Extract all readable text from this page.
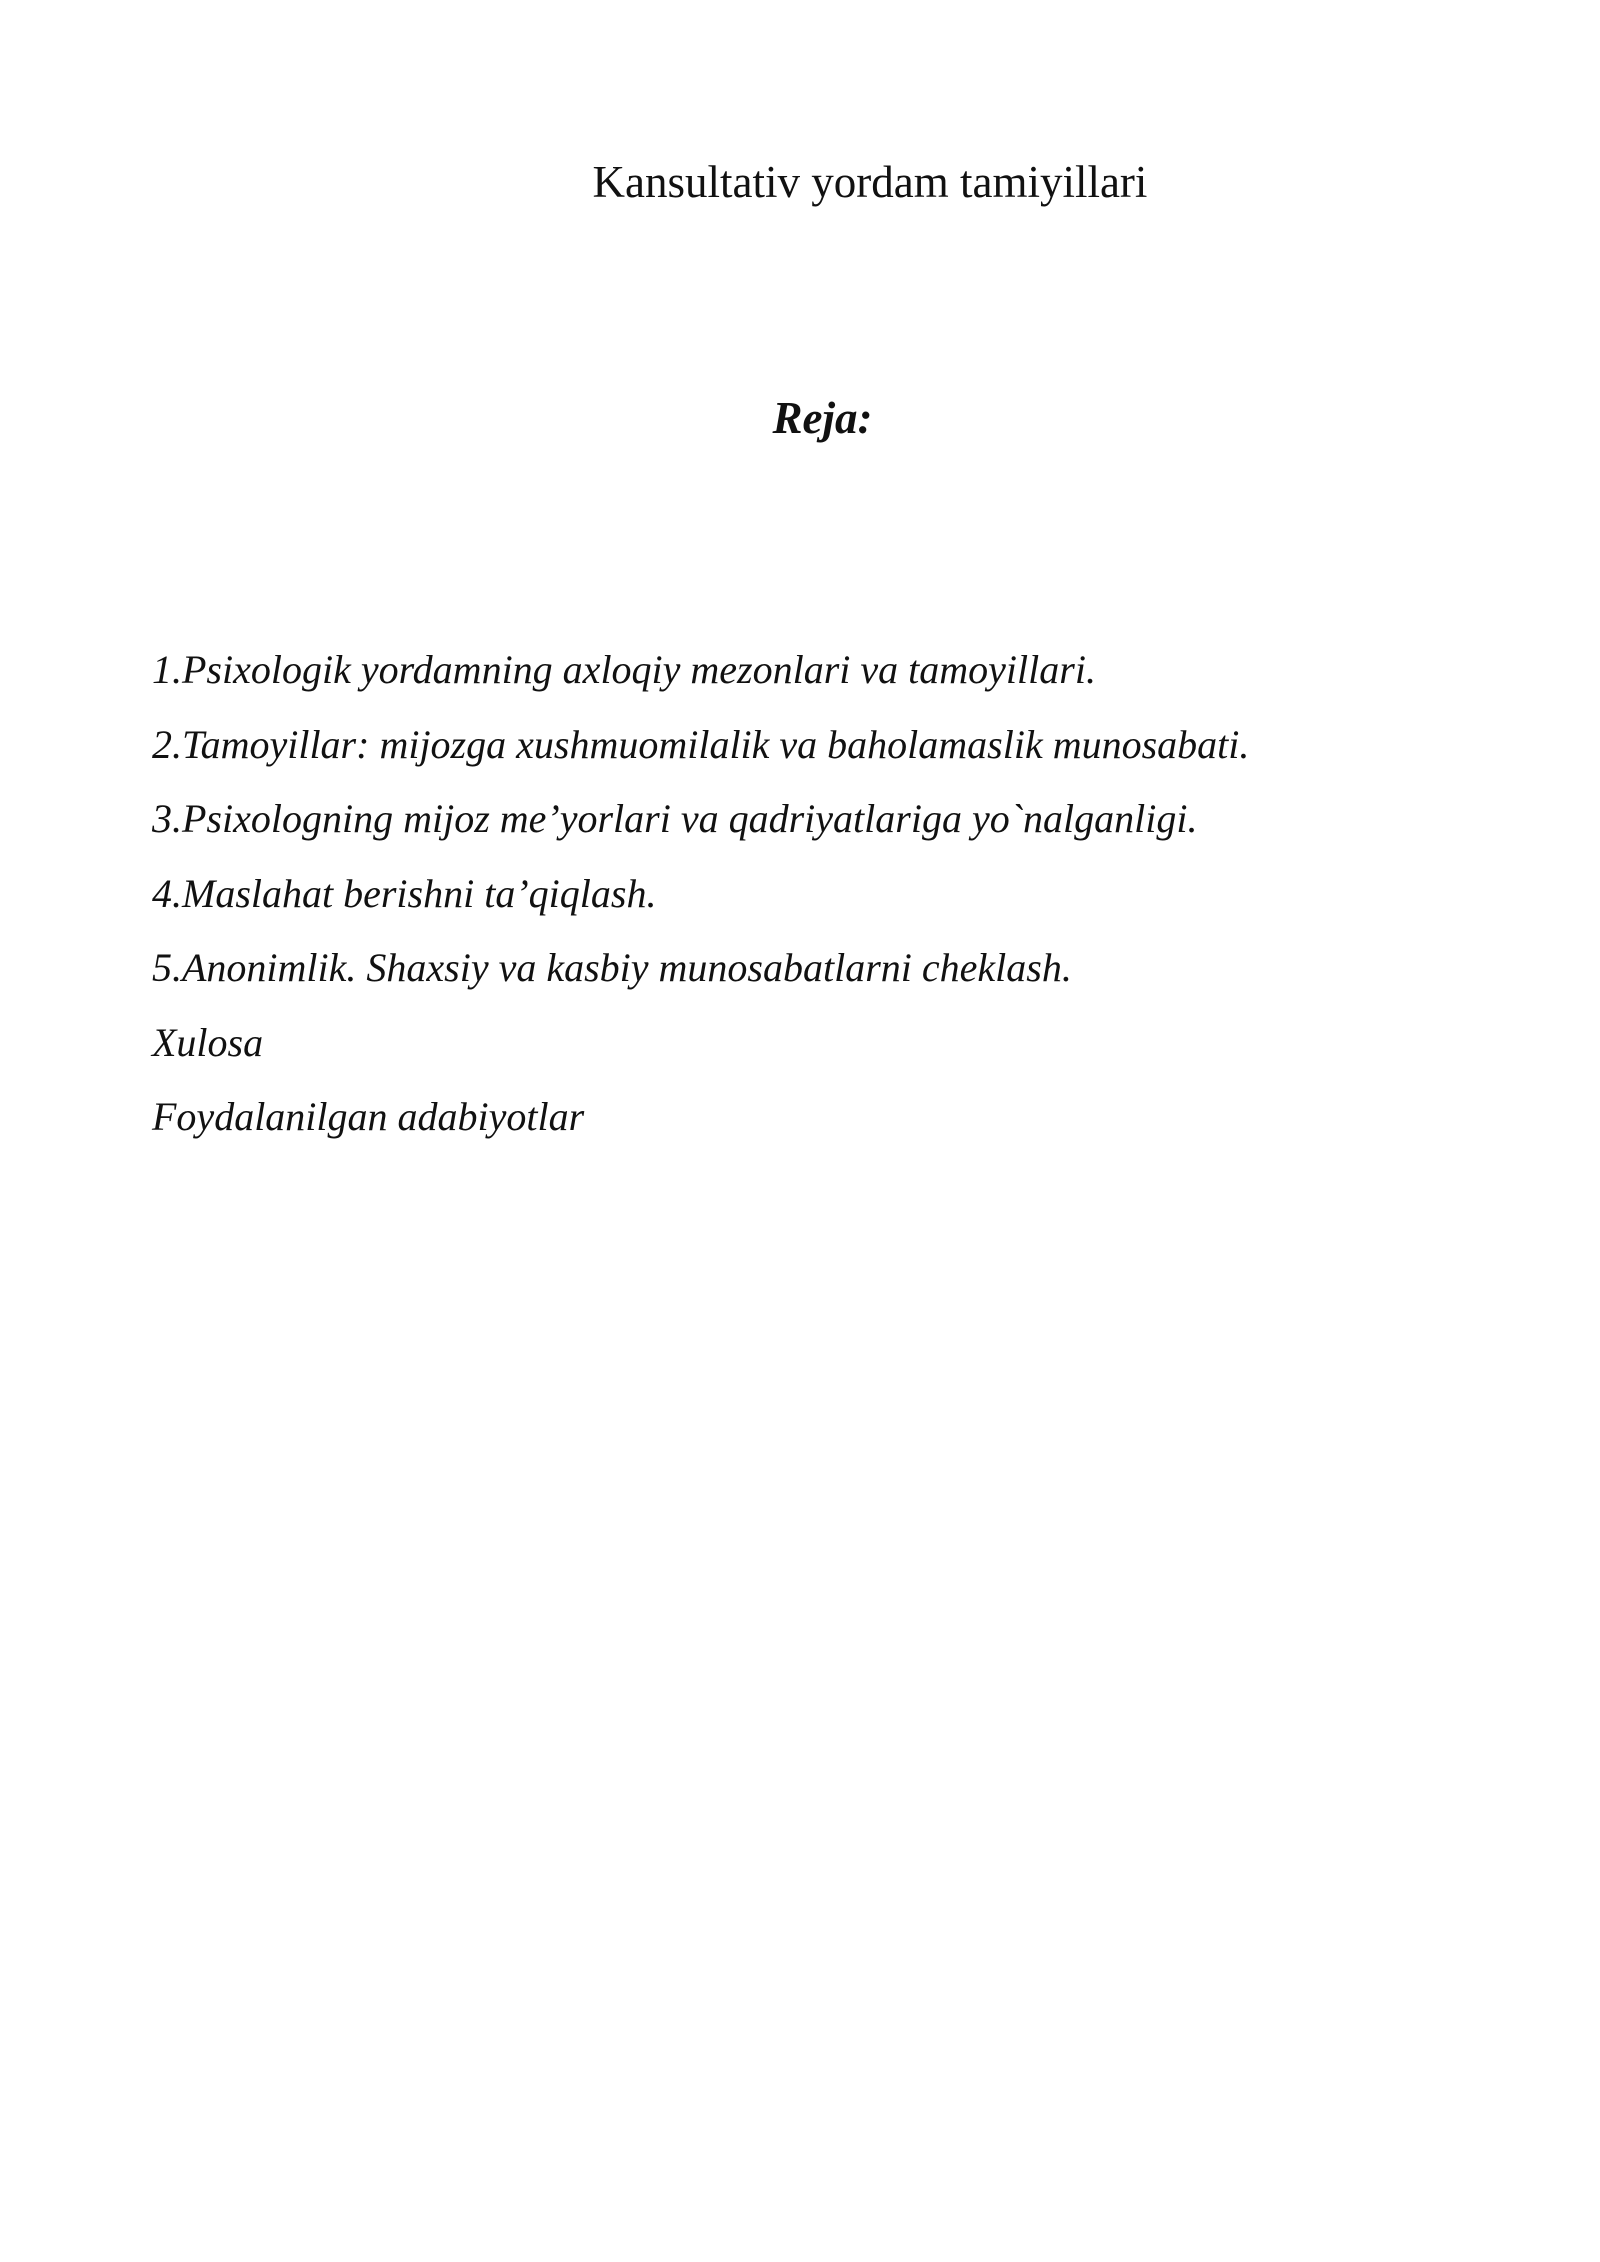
Kansultativ yordam tamiyillari
Reja:
1.Psixologik yordamning axloqiy mezonlari va tamoyillari.
2.Tamoyillar: mijozga xushmuomilalik va baholamaslik munosabati.
3.Psixologning mijoz me’yorlari va qadriyatlariga yo`nalganligi.
4.Maslahat berishni ta’qiqlash.
5.Anonimlik. Shaxsiy va kasbiy munosabatlarni cheklash.
Xulosa
Foydalanilgan adabiyotlar
